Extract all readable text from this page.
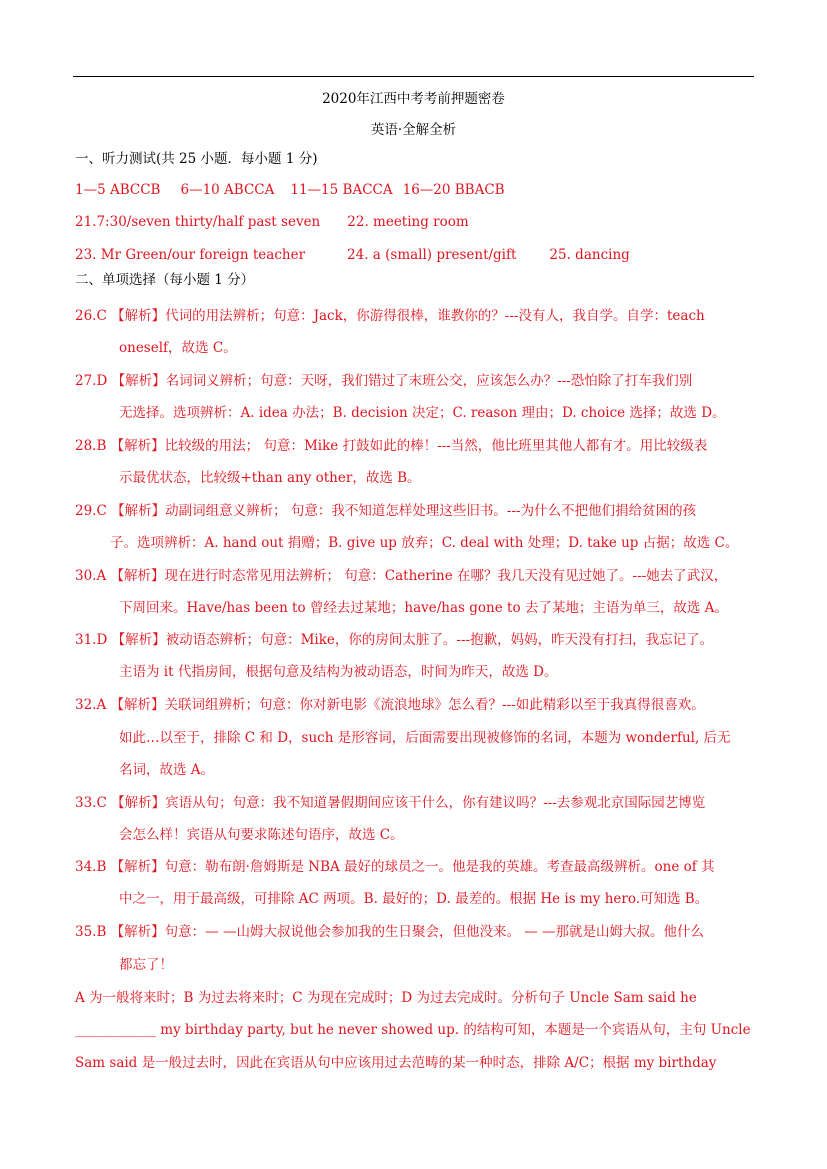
2020年江西中考考前押题密卷
英语·全解全析
一、听力测试(共 25 小题．每小题 1 分)
1—5 ABCCB 6—10 ABCCA 11—15 BACCA 16—20 BBACB
21.7:30/seven thirty/half past seven 22. meeting room
23. Mr Green/our foreign teacher	24. a (small) present/gift 25. dancing
二、单项选择（每小题 1 分）
26.C 【解析】代词的用法辨析；句意：Jack，你游得很棒，谁教你的？---没有人，我自学。自学：teach
oneself，故选 C。
27.D 【解析】名词词义辨析；句意：天呀，我们错过了末班公交，应该怎么办？---恐怕除了打车我们别
无选择。选项辨析：A. idea 办法；B. decision 决定；C. reason 理由；D. choice 选择；故选 D。
28.B 【解析】比较级的用法； 句意：Mike 打鼓如此的棒！---当然，他比班里其他人都有才。用比较级表
示最优状态，比较级+than any other，故选 B。
29.C 【解析】动副词组意义辨析； 句意：我不知道怎样处理这些旧书。---为什么不把他们捐给贫困的孩
子。选项辨析：A. hand out 捐赠；B. give up 放弃；C. deal with 处理；D. take up 占据；故选 C。
30.A 【解析】现在进行时态常见用法辨析； 句意：Catherine 在哪？我几天没有见过她了。---她去了武汉，
下周回来。Have/has been to 曾经去过某地；have/has gone to 去了某地；主语为单三，故选 A。
31.D 【解析】被动语态辨析；句意：Mike，你的房间太脏了。---抱歉，妈妈，昨天没有打扫，我忘记了。
主语为 it 代指房间，根据句意及结构为被动语态，时间为昨天，故选 D。
32.A 【解析】关联词组辨析；句意：你对新电影《流浪地球》怎么看？---如此精彩以至于我真得很喜欢。
如此…以至于，排除 C 和 D，such 是形容词，后面需要出现被修饰的名词，本题为 wonderful, 后无
名词，故选 A。
33.C 【解析】宾语从句；句意：我不知道暑假期间应该干什么，你有建议吗？---去参观北京国际园艺博览
会怎么样！宾语从句要求陈述句语序，故选 C。
34.B 【解析】句意：勒布朗·詹姆斯是 NBA 最好的球员之一。他是我的英雄。考查最高级辨析。one of 其
中之一，用于最高级，可排除 AC 两项。B. 最好的；D. 最差的。根据 He is my hero.可知选 B。
35.B 【解析】句意：— —山姆大叔说他会参加我的生日聚会，但他没来。 — —那就是山姆大叔。他什么
都忘了！
A 为一般将来时；B 为过去将来时；C 为现在完成时；D 为过去完成时。分析句子 Uncle Sam said he
____________ my birthday party, but he never showed up. 的结构可知，本题是一个宾语从句，主句 Uncle
Sam said 是一般过去时，因此在宾语从句中应该用过去范畴的某一种时态，排除 A/C；根据 my birthday
